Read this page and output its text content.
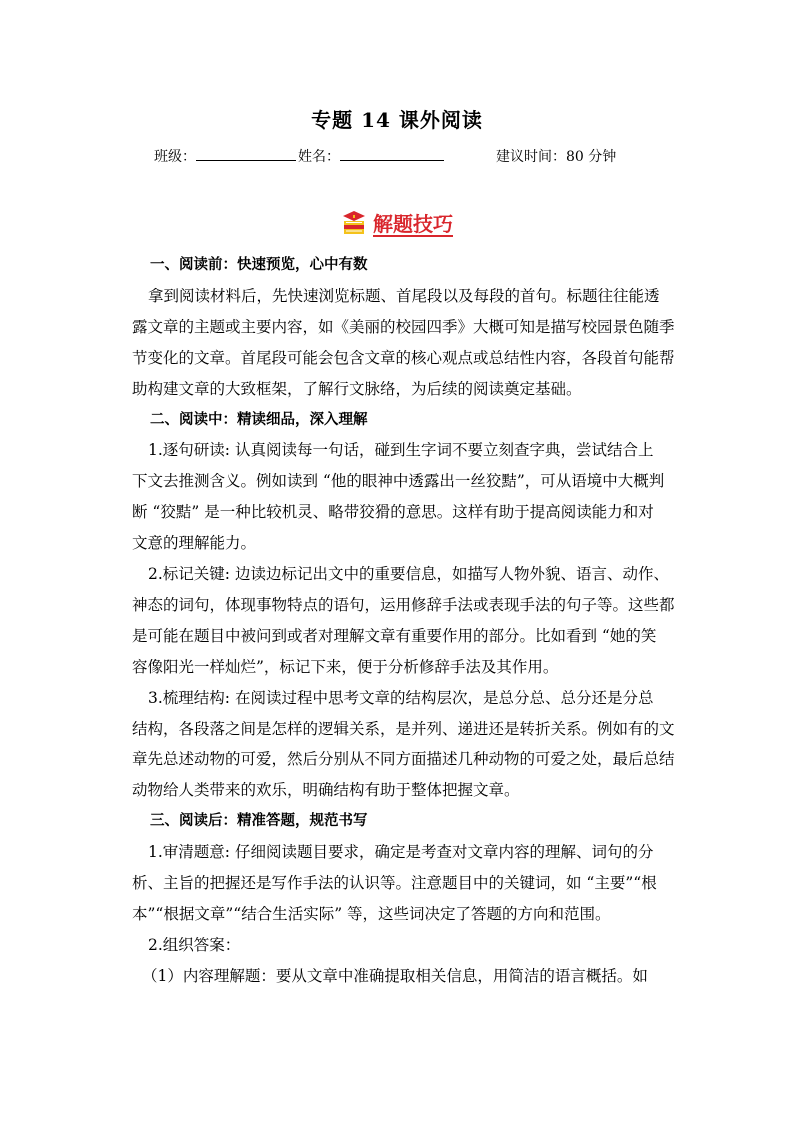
专题 14 课外阅读
班级：	姓名：	建议时间：80 分钟
解题技巧
一、阅读前：快速预览，心中有数
拿到阅读材料后，先快速浏览标题、首尾段以及每段的首句。标题往往能透
露文章的主题或主要内容，如《美丽的校园四季》大概可知是描写校园景色随季
节变化的文章。首尾段可能会包含文章的核心观点或总结性内容，各段首句能帮
助构建文章的大致框架，了解行文脉络，为后续的阅读奠定基础。
二、阅读中：精读细品，深入理解
1.逐句研读: 认真阅读每一句话，碰到生字词不要立刻查字典，尝试结合上
下文去推测含义。例如读到 “他的眼神中透露出一丝狡黠”，可从语境中大概判
断 “狡黠” 是一种比较机灵、略带狡猾的意思。这样有助于提高阅读能力和对
文意的理解能力。
2.标记关键: 边读边标记出文中的重要信息，如描写人物外貌、语言、动作、
神态的词句，体现事物特点的语句，运用修辞手法或表现手法的句子等。这些都
是可能在题目中被问到或者对理解文章有重要作用的部分。比如看到 “她的笑
容像阳光一样灿烂”，标记下来，便于分析修辞手法及其作用。
3.梳理结构: 在阅读过程中思考文章的结构层次，是总分总、总分还是分总
结构，各段落之间是怎样的逻辑关系，是并列、递进还是转折关系。例如有的文
章先总述动物的可爱，然后分别从不同方面描述几种动物的可爱之处，最后总结
动物给人类带来的欢乐，明确结构有助于整体把握文章。
三、阅读后：精准答题，规范书写
1.审清题意: 仔细阅读题目要求，确定是考查对文章内容的理解、词句的分
析、主旨的把握还是写作手法的认识等。注意题目中的关键词，如 “主要”“根
本”“根据文章”“结合生活实际” 等，这些词决定了答题的方向和范围。
2.组织答案：
（1）内容理解题：要从文章中准确提取相关信息，用简洁的语言概括。如
